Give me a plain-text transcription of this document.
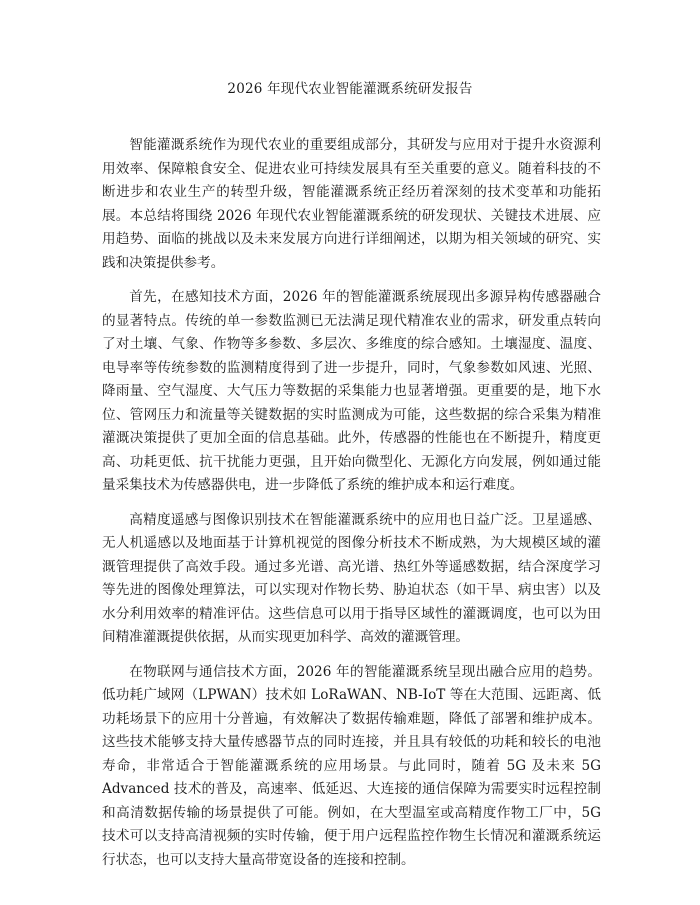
2026 年现代农业智能灌溉系统研发报告

智能灌溉系统作为现代农业的重要组成部分，其研发与应用对于提升水资源利用效率、保障粮食安全、促进农业可持续发展具有至关重要的意义。随着科技的不断进步和农业生产的转型升级，智能灌溉系统正经历着深刻的技术变革和功能拓展。本总结将围绕 2026 年现代农业智能灌溉系统的研发现状、关键技术进展、应用趋势、面临的挑战以及未来发展方向进行详细阐述，以期为相关领域的研究、实践和决策提供参考。

首先，在感知技术方面，2026 年的智能灌溉系统展现出多源异构传感器融合的显著特点。传统的单一参数监测已无法满足现代精准农业的需求，研发重点转向了对土壤、气象、作物等多参数、多层次、多维度的综合感知。土壤湿度、温度、电导率等传统参数的监测精度得到了进一步提升，同时，气象参数如风速、光照、降雨量、空气湿度、大气压力等数据的采集能力也显著增强。更重要的是，地下水位、管网压力和流量等关键数据的实时监测成为可能，这些数据的综合采集为精准灌溉决策提供了更加全面的信息基础。此外，传感器的性能也在不断提升，精度更高、功耗更低、抗干扰能力更强，且开始向微型化、无源化方向发展，例如通过能量采集技术为传感器供电，进一步降低了系统的维护成本和运行难度。

高精度遥感与图像识别技术在智能灌溉系统中的应用也日益广泛。卫星遥感、无人机遥感以及地面基于计算机视觉的图像分析技术不断成熟，为大规模区域的灌溉管理提供了高效手段。通过多光谱、高光谱、热红外等遥感数据，结合深度学习等先进的图像处理算法，可以实现对作物长势、胁迫状态（如干旱、病虫害）以及水分利用效率的精准评估。这些信息可以用于指导区域性的灌溉调度，也可以为田间精准灌溉提供依据，从而实现更加科学、高效的灌溉管理。

在物联网与通信技术方面，2026 年的智能灌溉系统呈现出融合应用的趋势。低功耗广域网（LPWAN）技术如 LoRaWAN、NB-IoT 等在大范围、远距离、低功耗场景下的应用十分普遍，有效解决了数据传输难题，降低了部署和维护成本。这些技术能够支持大量传感器节点的同时连接，并且具有较低的功耗和较长的电池寿命，非常适合于智能灌溉系统的应用场景。与此同时，随着 5G 及未来 5G Advanced 技术的普及，高速率、低延迟、大连接的通信保障为需要实时远程控制和高清数据传输的场景提供了可能。例如，在大型温室或高精度作物工厂中，5G 技术可以支持高清视频的实时传输，便于用户远程监控作物生长情况和灌溉系统运行状态，也可以支持大量高带宽设备的连接和控制。
